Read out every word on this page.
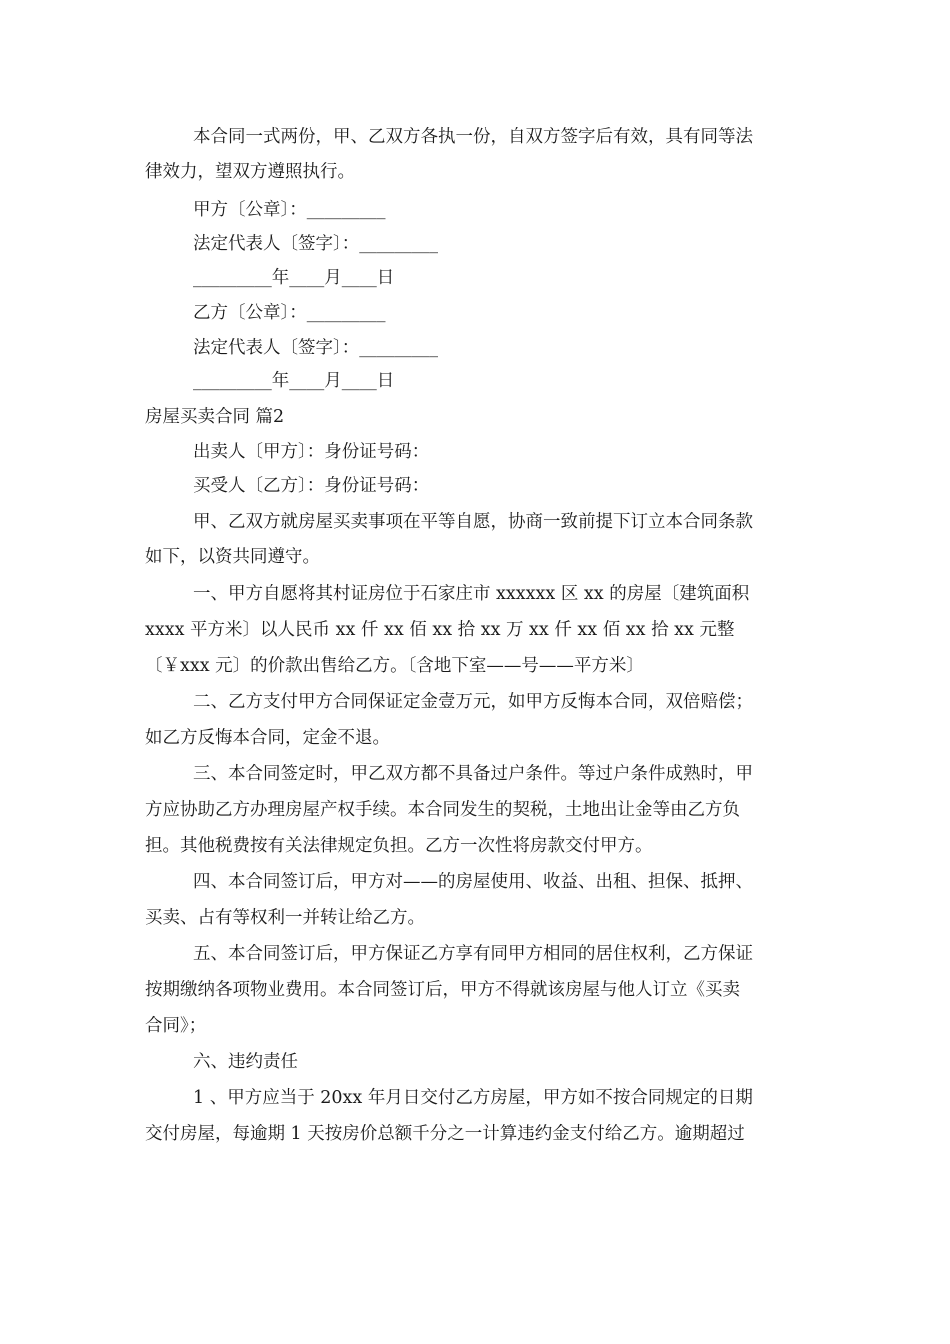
本合同一式两份，甲、乙双方各执一份，自双方签字后有效，具有同等法
律效力，望双方遵照执行。
甲方〔公章〕：_________
法定代表人〔签字〕：_________
_________年____月____日
乙方〔公章〕：_________
法定代表人〔签字〕：_________
_________年____月____日
房屋买卖合同 篇2
出卖人〔甲方〕：身份证号码：
买受人〔乙方〕：身份证号码：
甲、乙双方就房屋买卖事项在平等自愿，协商一致前提下订立本合同条款
如下，以资共同遵守。
一、甲方自愿将其村证房位于石家庄市 xxxxxx 区 xx 的房屋〔建筑面积
xxxx 平方米〕以人民币 xx 仟 xx 佰 xx 拾 xx 万 xx 仟 xx 佰 xx 拾 xx 元整
〔￥xxx 元〕的价款出售给乙方。〔含地下室——号——平方米〕
二、乙方支付甲方合同保证定金壹万元，如甲方反悔本合同，双倍赔偿；
如乙方反悔本合同，定金不退。
三、本合同签定时，甲乙双方都不具备过户条件。等过户条件成熟时，甲
方应协助乙方办理房屋产权手续。本合同发生的契税，土地出让金等由乙方负
担。其他税费按有关法律规定负担。乙方一次性将房款交付甲方。
四、本合同签订后，甲方对——的房屋使用、收益、出租、担保、抵押、
买卖、占有等权利一并转让给乙方。
五、本合同签订后，甲方保证乙方享有同甲方相同的居住权利，乙方保证
按期缴纳各项物业费用。本合同签订后，甲方不得就该房屋与他人订立《买卖
合同》；
六、违约责任
1 、甲方应当于 20xx 年月日交付乙方房屋，甲方如不按合同规定的日期
交付房屋，每逾期 1 天按房价总额千分之一计算违约金支付给乙方。逾期超过
